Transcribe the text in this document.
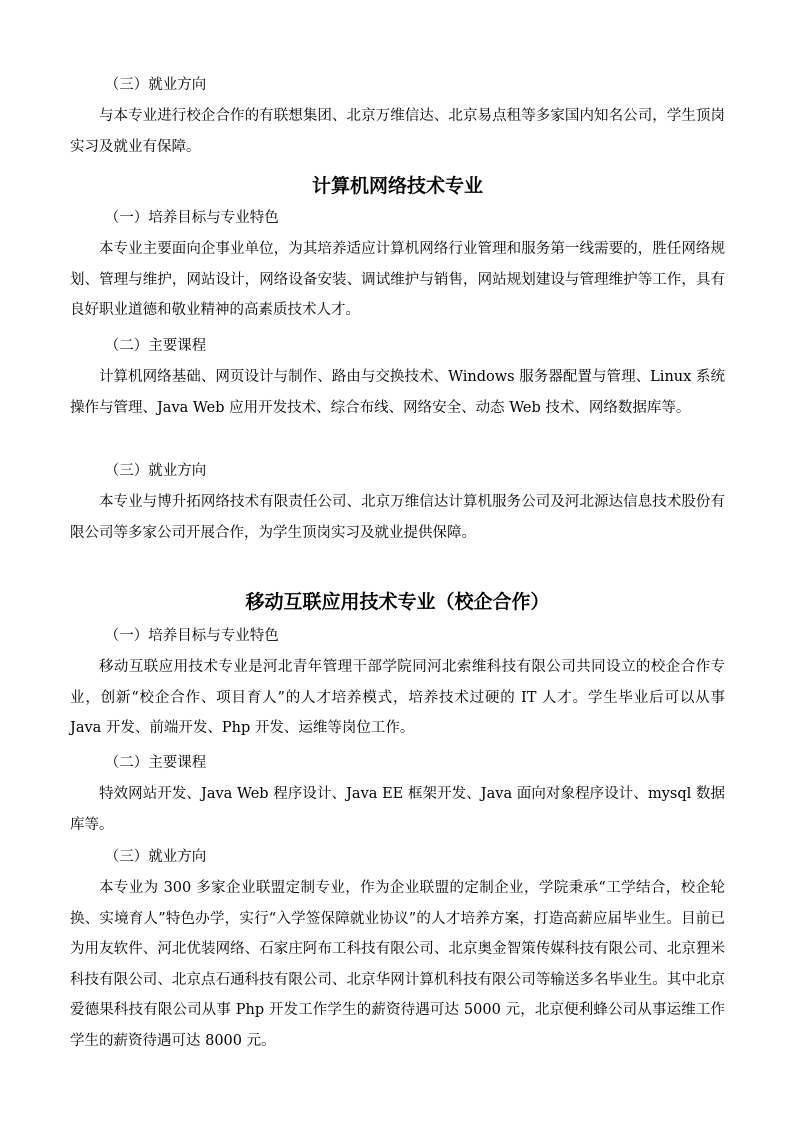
（三）就业方向

与本专业进行校企合作的有联想集团、北京万维信达、北京易点租等多家国内知名公司，学生顶岗实习及就业有保障。

计算机网络技术专业

（一）培养目标与专业特色

本专业主要面向企事业单位，为其培养适应计算机网络行业管理和服务第一线需要的，胜任网络规划、管理与维护，网站设计，网络设备安装、调试维护与销售，网站规划建设与管理维护等工作，具有良好职业道德和敬业精神的高素质技术人才。

（二）主要课程

计算机网络基础、网页设计与制作、路由与交换技术、Windows 服务器配置与管理、Linux 系统操作与管理、Java Web 应用开发技术、综合布线、网络安全、动态 Web 技术、网络数据库等。

（三）就业方向

本专业与博升拓网络技术有限责任公司、北京万维信达计算机服务公司及河北源达信息技术股份有限公司等多家公司开展合作，为学生顶岗实习及就业提供保障。

移动互联应用技术专业（校企合作）

（一）培养目标与专业特色

移动互联应用技术专业是河北青年管理干部学院同河北索维科技有限公司共同设立的校企合作专业，创新“校企合作、项目育人”的人才培养模式，培养技术过硬的 IT 人才。学生毕业后可以从事 Java 开发、前端开发、Php 开发、运维等岗位工作。

（二）主要课程

特效网站开发、Java Web 程序设计、Java EE 框架开发、Java 面向对象程序设计、mysql 数据库等。

（三）就业方向

本专业为 300 多家企业联盟定制专业，作为企业联盟的定制企业，学院秉承“工学结合，校企轮换、实境育人”特色办学，实行“入学签保障就业协议”的人才培养方案，打造高薪应届毕业生。目前已为用友软件、河北优装网络、石家庄阿布工科技有限公司、北京奥金智策传媒科技有限公司、北京狸米科技有限公司、北京点石通科技有限公司、北京华网计算机科技有限公司等输送多名毕业生。其中北京爱德果科技有限公司从事 Php 开发工作学生的薪资待遇可达 5000 元，北京便利蜂公司从事运维工作学生的薪资待遇可达 8000 元。
